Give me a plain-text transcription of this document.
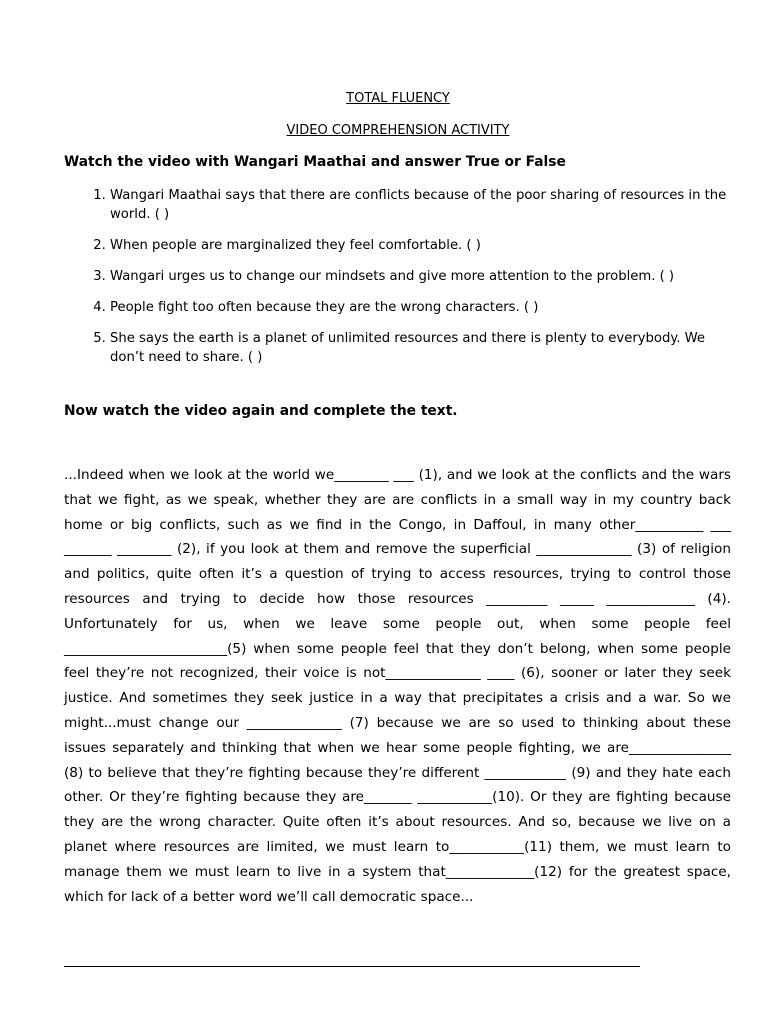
TOTAL FLUENCY
VIDEO COMPREHENSION ACTIVITY
Watch the video with Wangari Maathai and answer True or False
1. Wangari Maathai says that there are conflicts because of the poor sharing of resources in the world. ( )
2. When people are marginalized they feel comfortable. ( )
3. Wangari urges us to change our mindsets and give more attention to the problem. ( )
4. People fight too often because they are the wrong characters. ( )
5. She says the earth is a planet of unlimited resources and there is plenty to everybody. We don’t need to share. ( )
Now watch the video again and complete the text.

...Indeed when we look at the world we________ ___ (1), and we look at the conflicts and the wars that we fight, as we speak, whether they are are conflicts in a small way in my country back home or big conflicts, such as we find in the Congo, in Daffoul, in many other__________ ___ _______ ________ (2), if you look at them and remove the superficial ______________ (3) of religion and politics, quite often it’s a question of trying to access resources, trying to control those resources and trying to decide how those resources _________ _____ _____________ (4). Unfortunately for us, when we leave some people out, when some people feel ________________________(5) when some people feel that they don’t belong, when some people feel they’re not recognized, their voice is not______________ ____ (6), sooner or later they seek justice. And sometimes they seek justice in a way that precipitates a crisis and a war. So we might...must change our ______________ (7) because we are so used to thinking about these issues separately and thinking that when we hear some people fighting, we are_______________ (8) to believe that they’re fighting because they’re different ____________ (9) and they hate each other. Or they’re fighting because they are_______ ___________(10). Or they are fighting because they are the wrong character. Quite often it’s about resources. And so, because we live on a planet where resources are limited, we must learn to___________(11) them, we must learn to manage them we must learn to live in a system that_____________(12) for the greatest space, which for lack of a better word we’ll call democratic space...
